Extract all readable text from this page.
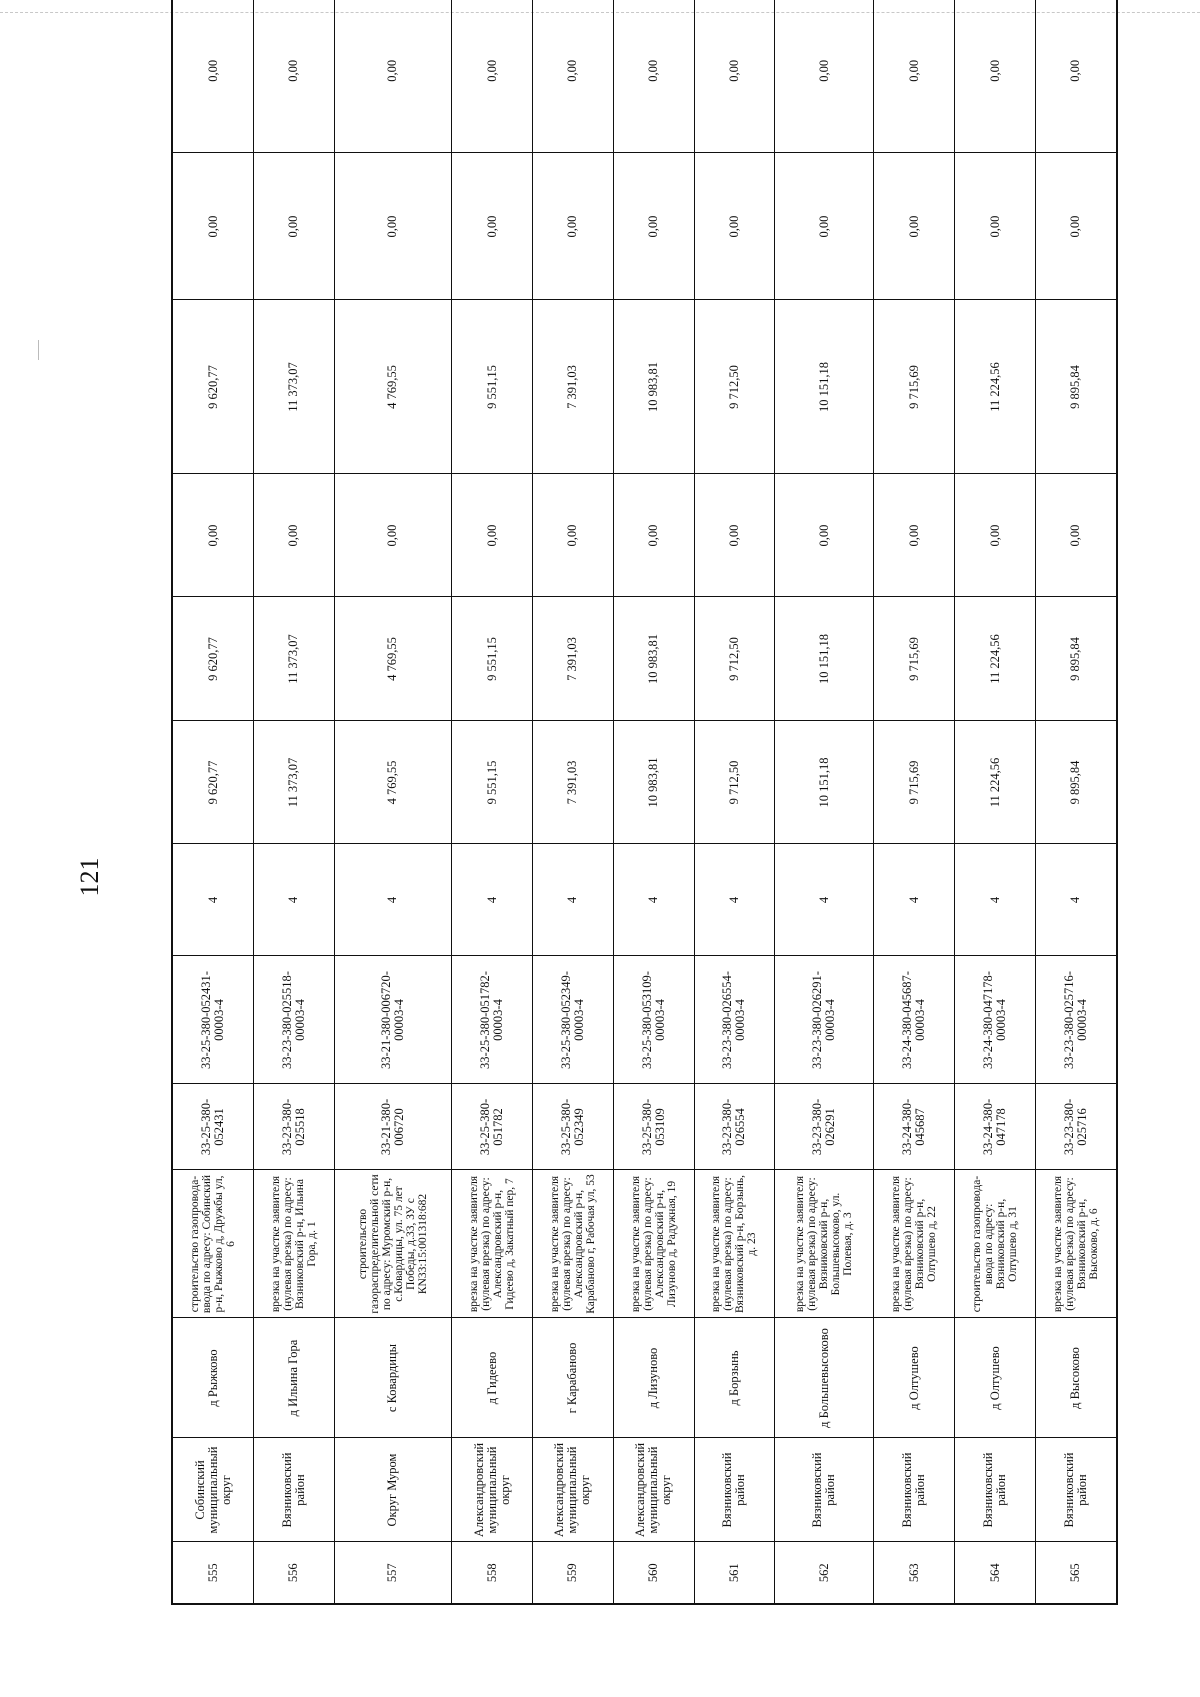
121
555	Собинский муниципальный округ	д Рыжково	строительство газопровода-ввода по адресу: Собинский р-н, Рыжково д, Дружбы ул, 6	33-25-380-052431	33-25-380-052431-00003-4	4	9 620,77	9 620,77	0,00	9 620,77	0,00	0,00
556	Вязниковский район	д Ильина Гора	врезка на участке заявителя (нулевая врезка) по адресу: Вязниковский р-н, Ильина Гора, д. 1	33-23-380-025518	33-23-380-025518-00003-4	4	11 373,07	11 373,07	0,00	11 373,07	0,00	0,00
557	Округ Муром	с Ковардицы	строительство газораспределительной сети по адресу: Муромский р-н, с.Ковардицы, ул. 75 лет Победы, д.33, ЗУ с КN33:15:001318:682	33-21-380-006720	33-21-380-006720-00003-4	4	4 769,55	4 769,55	0,00	4 769,55	0,00	0,00
558	Александровский муниципальный округ	д Гидеево	врезка на участке заявителя (нулевая врезка) по адресу: Александровский р-н, Гидеево д, Закатный пер, 7	33-25-380-051782	33-25-380-051782-00003-4	4	9 551,15	9 551,15	0,00	9 551,15	0,00	0,00
559	Александровский муниципальный округ	г Карабаново	врезка на участке заявителя (нулевая врезка) по адресу: Александровский р-н, Карабаново г, Рабочая ул, 53	33-25-380-052349	33-25-380-052349-00003-4	4	7 391,03	7 391,03	0,00	7 391,03	0,00	0,00
560	Александровский муниципальный округ	д Лизуново	врезка на участке заявителя (нулевая врезка) по адресу: Александровский р-н, Лизуново д, Радужная, 19	33-25-380-053109	33-25-380-053109-00003-4	4	10 983,81	10 983,81	0,00	10 983,81	0,00	0,00
561	Вязниковский район	д Борзынь	врезка на участке заявителя (нулевая врезка) по адресу: Вязниковский р-н, Борзынь, д. 23	33-23-380-026554	33-23-380-026554-00003-4	4	9 712,50	9 712,50	0,00	9 712,50	0,00	0,00
562	Вязниковский район	д Большевысоково	врезка на участке заявителя (нулевая врезка) по адресу: Вязниковский р-н, Большевысоково, ул. Полевая, д. 3	33-23-380-026291	33-23-380-026291-00003-4	4	10 151,18	10 151,18	0,00	10 151,18	0,00	0,00
563	Вязниковский район	д Олтушево	врезка на участке заявителя (нулевая врезка) по адресу: Вязниковский р-н, Олтушево д, 22	33-24-380-045687	33-24-380-045687-00003-4	4	9 715,69	9 715,69	0,00	9 715,69	0,00	0,00
564	Вязниковский район	д Олтушево	строительство газопровода-ввода по адресу: Вязниковский р-н, Олтушево д, 31	33-24-380-047178	33-24-380-047178-00003-4	4	11 224,56	11 224,56	0,00	11 224,56	0,00	0,00
565	Вязниковский район	д Высоково	врезка на участке заявителя (нулевая врезка) по адресу: Вязниковский р-н, Высоково, д. 6	33-23-380-025716	33-23-380-025716-00003-4	4	9 895,84	9 895,84	0,00	9 895,84	0,00	0,00
